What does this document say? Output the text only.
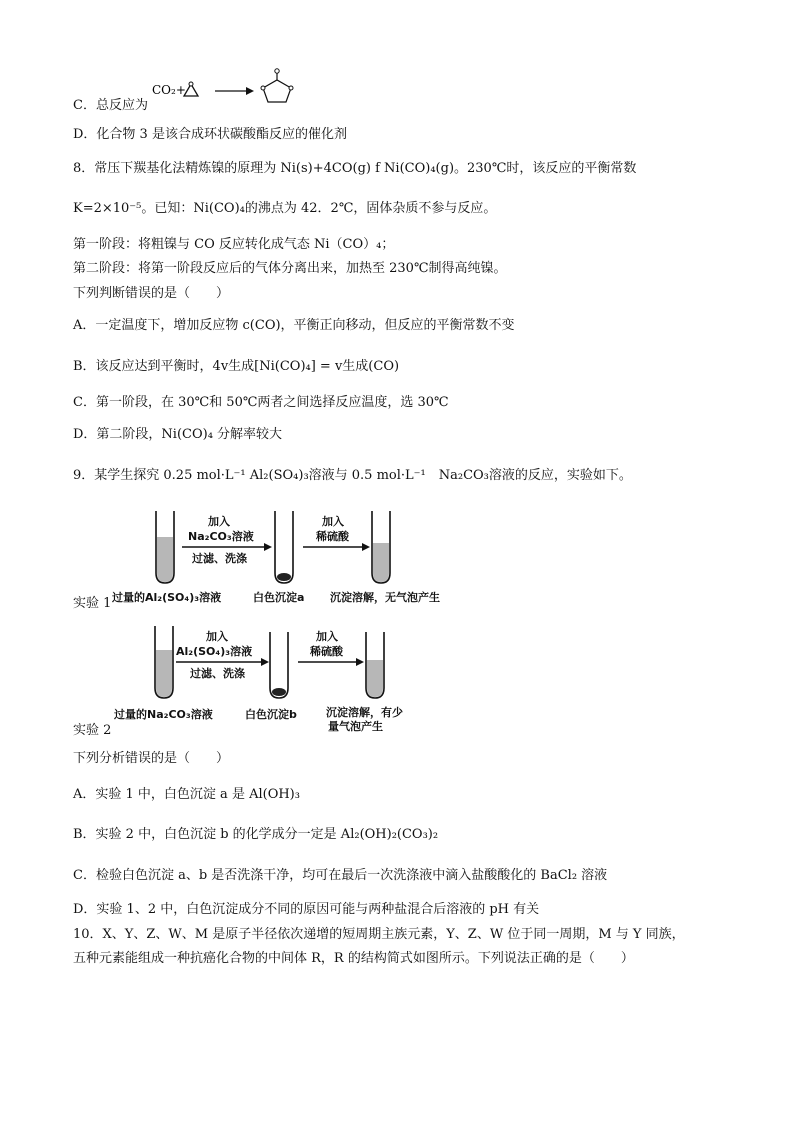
CO₂+
C．总反应为
D．化合物 3 是该合成环状碳酸酯反应的催化剂
8．常压下羰基化法精炼镍的原理为 Ni(s)+4CO(g) f Ni(CO)₄(g)。230℃时，该反应的平衡常数
K=2×10⁻⁵。已知：Ni(CO)₄的沸点为 42．2℃，固体杂质不参与反应。
第一阶段：将粗镍与 CO 反应转化成气态 Ni（CO）₄；
第二阶段：将第一阶段反应后的气体分离出来，加热至 230℃制得高纯镍。
下列判断错误的是（　　）
A．一定温度下，增加反应物 c(CO)，平衡正向移动，但反应的平衡常数不变
B．该反应达到平衡时，4v生成[Ni(CO)₄] = v生成(CO)
C．第一阶段，在 30℃和 50℃两者之间选择反应温度，选 30℃
D．第二阶段，Ni(CO)₄ 分解率较大
9．某学生探究 0.25 mol·L⁻¹ Al₂(SO₄)₃溶液与 0.5 mol·L⁻¹　Na₂CO₃溶液的反应，实验如下。
加入
Na₂CO₃溶液
过滤、洗涤
加入
稀硫酸
过量的Al₂(SO₄)₃溶液	白色沉淀a 沉淀溶解，无气泡产生
实验 1
加入
Al₂(SO₄)₃溶液
过滤、洗涤
加入
稀硫酸
过量的Na₂CO₃溶液	白色沉淀b	沉淀溶解，有少
量气泡产生
实验 2
下列分析错误的是（　　）
A．实验 1 中，白色沉淀 a 是 Al(OH)₃
B．实验 2 中，白色沉淀 b 的化学成分一定是 Al₂(OH)₂(CO₃)₂
C．检验白色沉淀 a、b 是否洗涤干净，均可在最后一次洗涤液中滴入盐酸酸化的 BaCl₂ 溶液
D．实验 1、2 中，白色沉淀成分不同的原因可能与两种盐混合后溶液的 pH 有关
10．X、Y、Z、W、M 是原子半径依次递增的短周期主族元素，Y、Z、W 位于同一周期，M 与 Y 同族，
五种元素能组成一种抗癌化合物的中间体 R，R 的结构简式如图所示。下列说法正确的是（　　）
